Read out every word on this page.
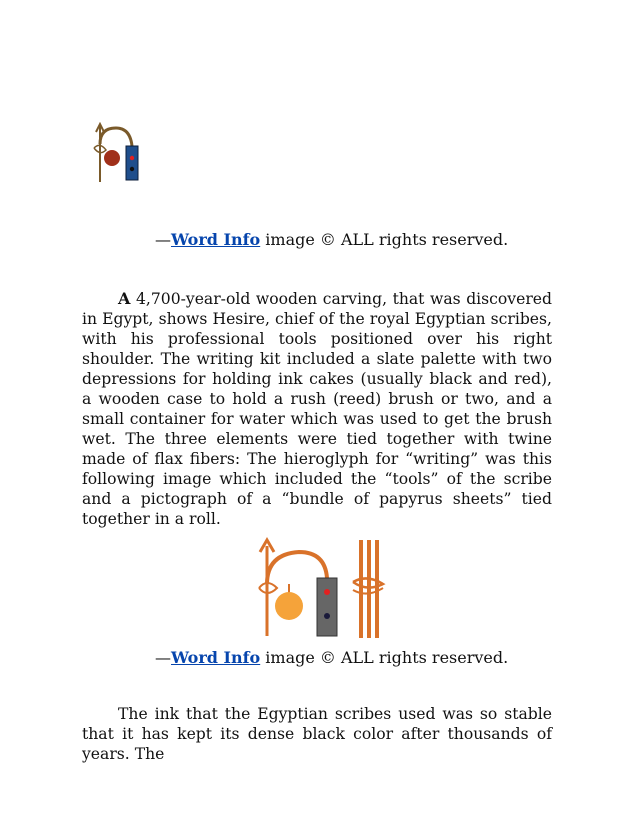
—Word Info image © ALL rights reserved.

A 4,700-year-old wooden carving, that was discovered in Egypt, shows Hesire, chief of the royal Egyptian scribes, with his professional tools positioned over his right shoulder. The writing kit included a slate palette with two depressions for holding ink cakes (usually black and red), a wooden case to hold a rush (reed) brush or two, and a small container for water which was used to get the brush wet. The three elements were tied together with twine made of flax fibers: The hieroglyph for “writing” was this following image which included the “tools” of the scribe and a pictograph of a “bundle of papyrus sheets” tied together in a roll.

—Word Info image © ALL rights reserved.

The ink that the Egyptian scribes used was so stable that it has kept its dense black color after thousands of years. The
